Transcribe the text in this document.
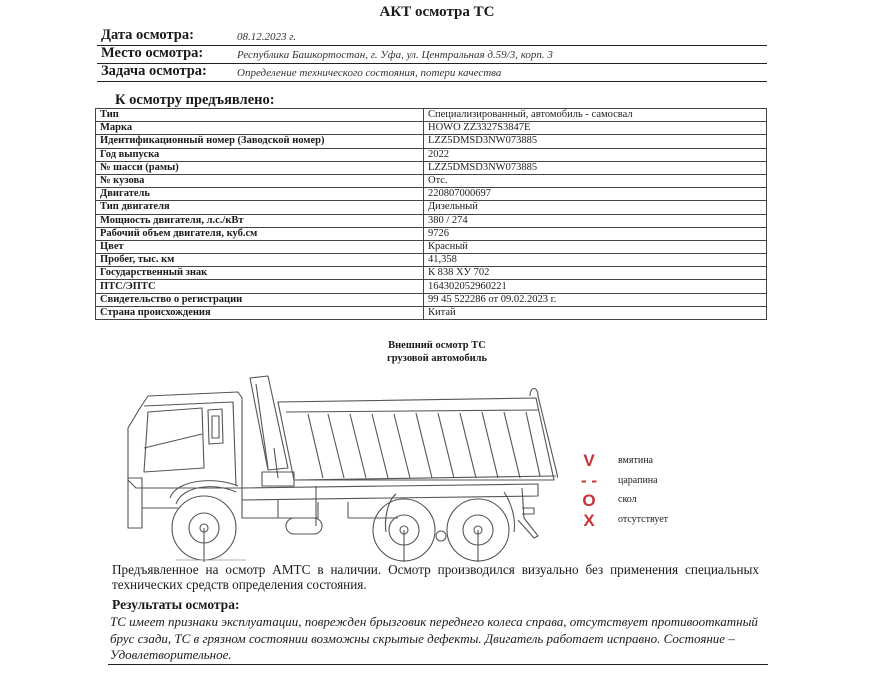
АКТ осмотра ТС
Дата осмотра:	08.12.2023 г.
Место осмотра:	Республика Башкортостан, г. Уфа, ул. Центральная д.59/3, корп. 3
Задача осмотра:	Определение технического состояния, потери качества
К осмотру предъявлено:
Тип	Специализированный, автомобиль - самосвал
Марка	HOWO ZZ3327S3847E
Идентификационный номер (Заводской номер)	LZZ5DMSD3NW073885
Год выпуска	2022
№ шасси (рамы)	LZZ5DMSD3NW073885
№ кузова	Отс.
Двигатель	220807000697
Тип двигателя	Дизельный
Мощность двигателя, л.с./кВт	380 / 274
Рабочий объем двигателя, куб.см	9726
Цвет	Красный
Пробег, тыс. км	41,358
Государственный знак	К 838 ХУ 702
ПТС/ЭПТС	164302052960221
Свидетельство о регистрации	99 45 522286 от 09.02.2023 г.
Страна происхождения	Китай
Внешний осмотр ТС
грузовой автомобиль
V	вмятина
- - царапина
O	скол
X	отсутствует
Предъявленное на осмотр АМТС в наличии. Осмотр производился визуально без применения специальных технических средств определения состояния.
Результаты осмотра:
ТС имеет признаки эксплуатации, поврежден брызговик переднего колеса справа, отсутствует противооткатный брус сзади, ТС в грязном состоянии возможны скрытые дефекты. Двигатель работает исправно. Состояние – Удовлетворительное.
